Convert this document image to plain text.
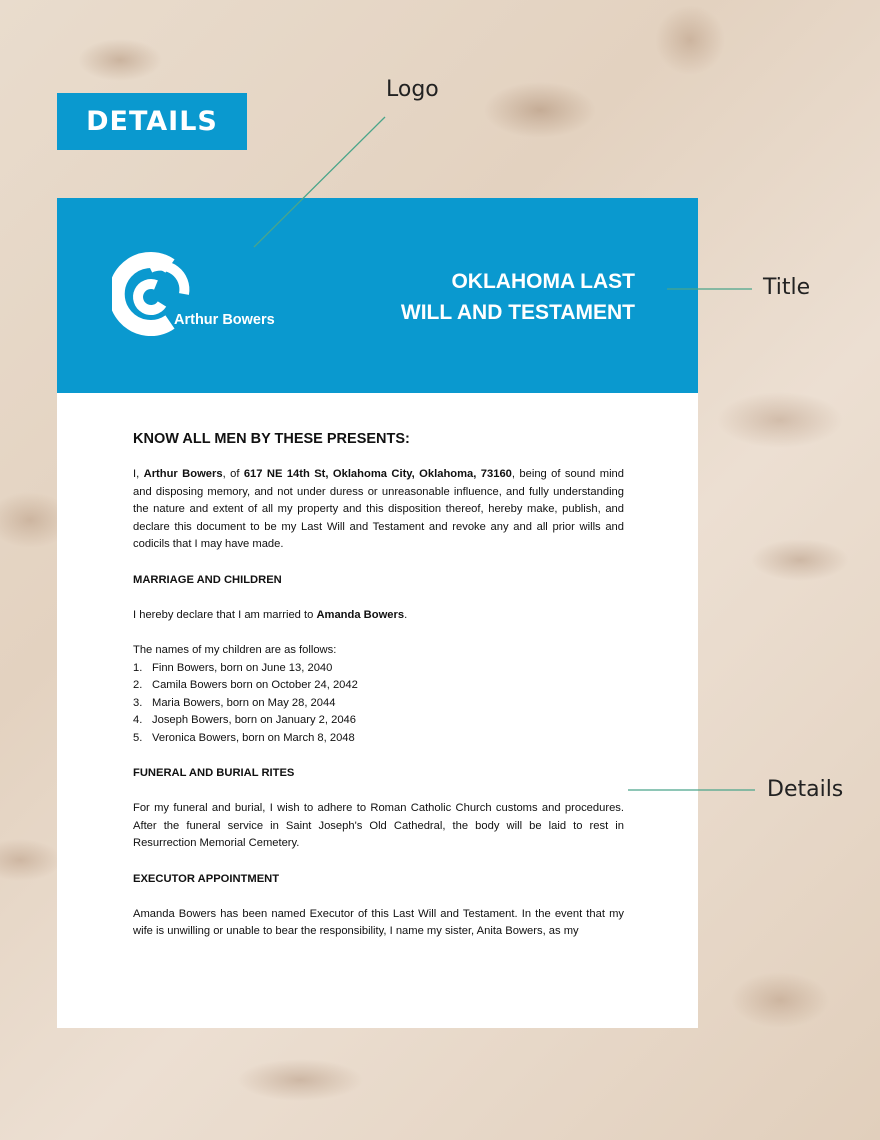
DETAILS
Logo
Title
Details
Arthur Bowers
OKLAHOMA LAST
WILL AND TESTAMENT
KNOW ALL MEN BY THESE PRESENTS:

I, Arthur Bowers, of 617 NE 14th St, Oklahoma City, Oklahoma, 73160, being of sound mind and disposing memory, and not under duress or unreasonable influence, and fully understanding the nature and extent of all my property and this disposition thereof, hereby make, publish, and declare this document to be my Last Will and Testament and revoke any and all prior wills and codicils that I may have made.

MARRIAGE AND CHILDREN

I hereby declare that I am married to Amanda Bowers.

The names of my children are as follows:

1. Finn Bowers, born on June 13, 2040
2. Camila Bowers born on October 24, 2042
3. Maria Bowers, born on May 28, 2044
4. Joseph Bowers, born on January 2, 2046
5. Veronica Bowers, born on March 8, 2048
FUNERAL AND BURIAL RITES

For my funeral and burial, I wish to adhere to Roman Catholic Church customs and procedures. After the funeral service in Saint Joseph's Old Cathedral, the body will be laid to rest in Resurrection Memorial Cemetery.

EXECUTOR APPOINTMENT

Amanda Bowers has been named Executor of this Last Will and Testament. In the event that my wife is unwilling or unable to bear the responsibility, I name my sister, Anita Bowers, as my
